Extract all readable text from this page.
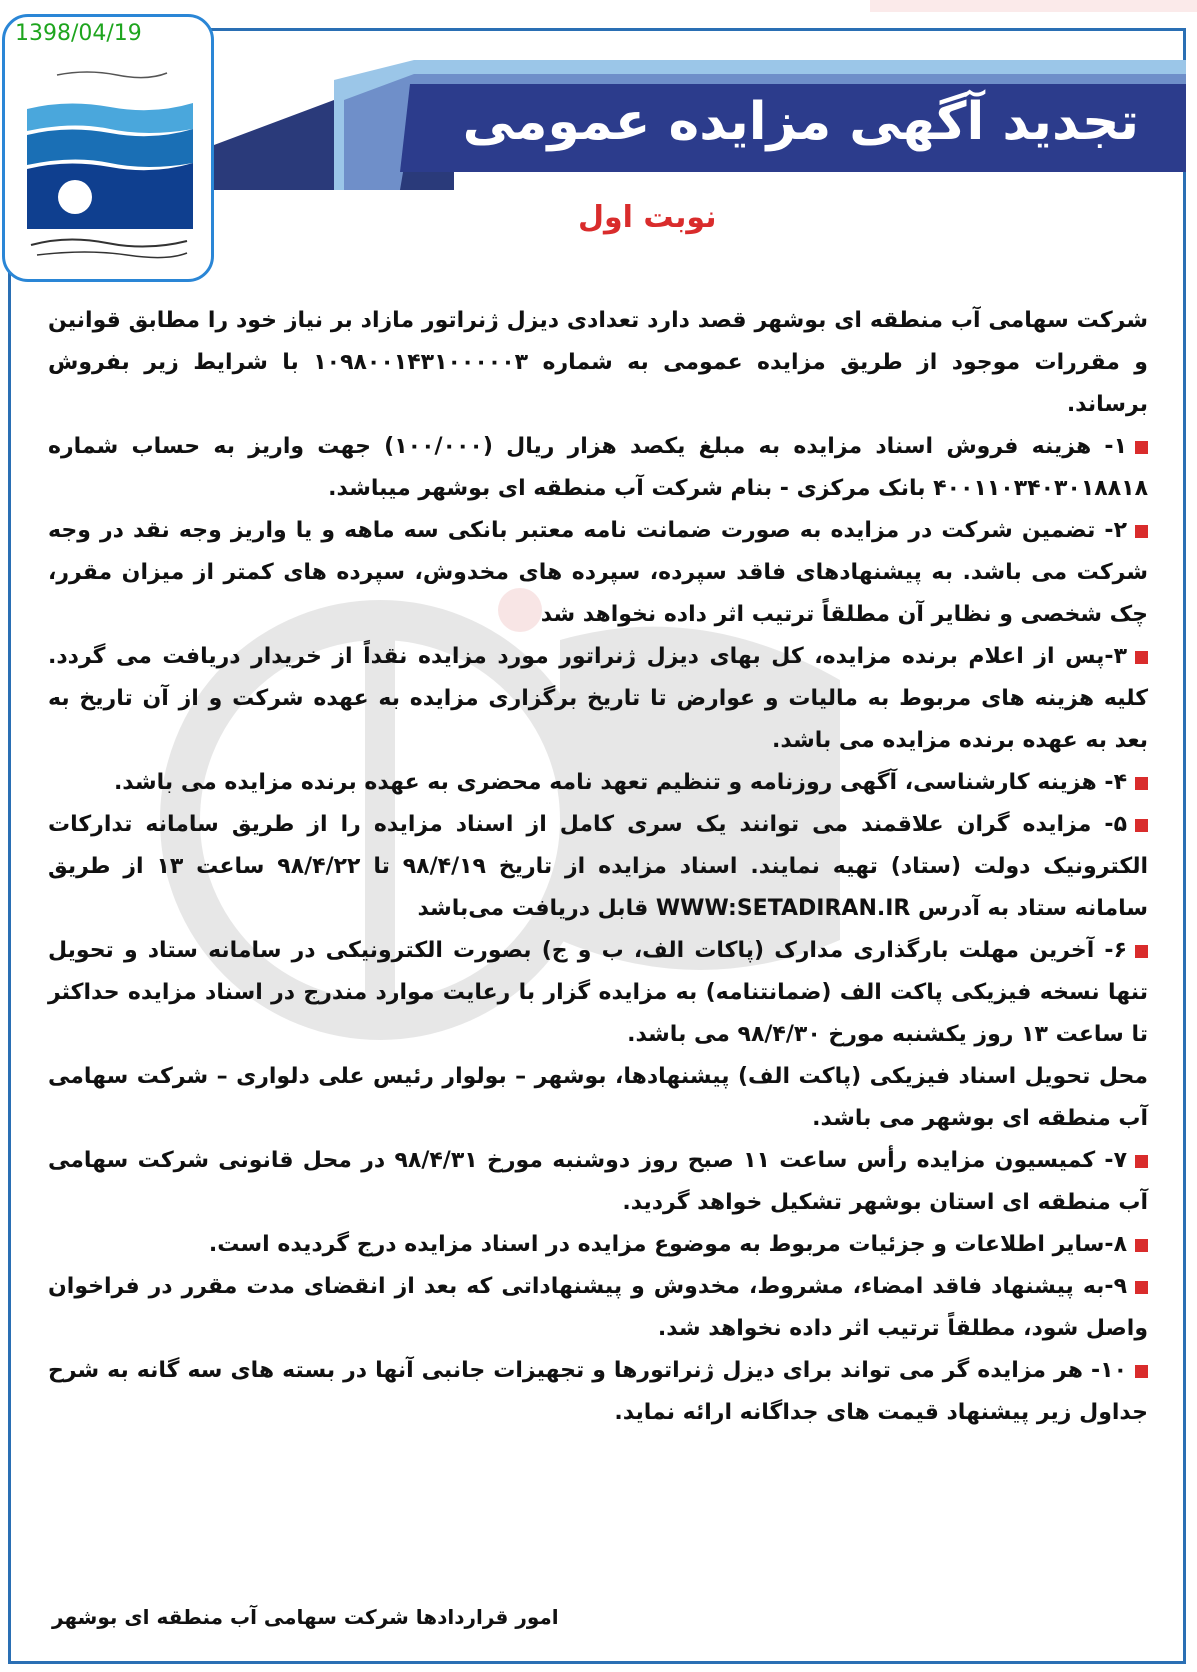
تجدید آگهی مزایده عمومی
نوبت اول
1398/04/19

شرکت سهامی آب منطقه ای بوشهر قصد دارد تعدادی دیزل ژنراتور مازاد بر نیاز خود را مطابق قوانین و مقررات موجود از طریق مزایده عمومی به شماره ۱۰۹۸۰۰۱۴۳۱۰۰۰۰۰۳ با شرایط زیر بفروش برساند.

۱- هزینه فروش اسناد مزایده به مبلغ یکصد هزار ریال (۱۰۰/۰۰۰) جهت واریز به حساب شماره ۴۰۰۱۱۰۳۴۰۳۰۱۸۸۱۸ بانک مرکزی - بنام شرکت آب منطقه ای بوشهر میباشد.

۲- تضمین شرکت در مزایده به صورت ضمانت نامه معتبر بانکی سه ماهه و یا واریز وجه نقد در وجه شرکت می باشد. به پیشنهادهای فاقد سپرده، سپرده های مخدوش، سپرده های کمتر از میزان مقرر، چک شخصی و نظایر آن مطلقاً ترتیب اثر داده نخواهد شد

۳-پس از اعلام برنده مزایده، کل بهای دیزل ژنراتور مورد مزایده نقداً از خریدار دریافت می گردد. کلیه هزینه های مربوط به مالیات و عوارض تا تاریخ برگزاری مزایده به عهده شرکت و از آن تاریخ به بعد به عهده برنده مزایده می باشد.

۴- هزینه کارشناسی، آگهی روزنامه و تنظیم تعهد نامه محضری به عهده برنده مزایده می باشد.

۵- مزایده گران علاقمند می توانند یک سری کامل از اسناد مزایده را از طریق سامانه تدارکات الکترونیک دولت (ستاد) تهیه نمایند. اسناد مزایده از تاریخ ۹۸/۴/۱۹ تا ۹۸/۴/۲۲ ساعت ۱۳ از طریق سامانه ستاد به آدرس WWW:SETADIRAN.IR قابل دریافت می‌باشد

۶- آخرین مهلت بارگذاری مدارک (پاکات الف، ب و ج) بصورت الکترونیکی در سامانه ستاد و تحویل تنها نسخه فیزیکی پاکت الف (ضمانتنامه) به مزایده گزار با رعایت موارد مندرج در اسناد مزایده حداکثر تا ساعت ۱۳ روز یکشنبه مورخ ۹۸/۴/۳۰ می باشد.

محل تحویل اسناد فیزیکی (پاکت الف) پیشنهادها، بوشهر – بولوار رئیس علی دلواری – شرکت سهامی آب منطقه ای بوشهر می باشد.

۷- کمیسیون مزایده رأس ساعت ۱۱ صبح روز دوشنبه مورخ ۹۸/۴/۳۱ در محل قانونی شرکت سهامی آب منطقه ای استان بوشهر تشکیل خواهد گردید.

۸-سایر اطلاعات و جزئیات مربوط به موضوع مزایده در اسناد مزایده درج گردیده است.

۹-به پیشنهاد فاقد امضاء، مشروط، مخدوش و پیشنهاداتی که بعد از انقضای مدت مقرر در فراخوان واصل شود، مطلقاً ترتیب اثر داده نخواهد شد.

۱۰- هر مزایده گر می تواند برای دیزل ژنراتورها و تجهیزات جانبی آنها در بسته های سه گانه به شرح جداول زیر پیشنهاد قیمت های جداگانه ارائه نماید.

امور قراردادها شرکت سهامی آب منطقه ای بوشهر
